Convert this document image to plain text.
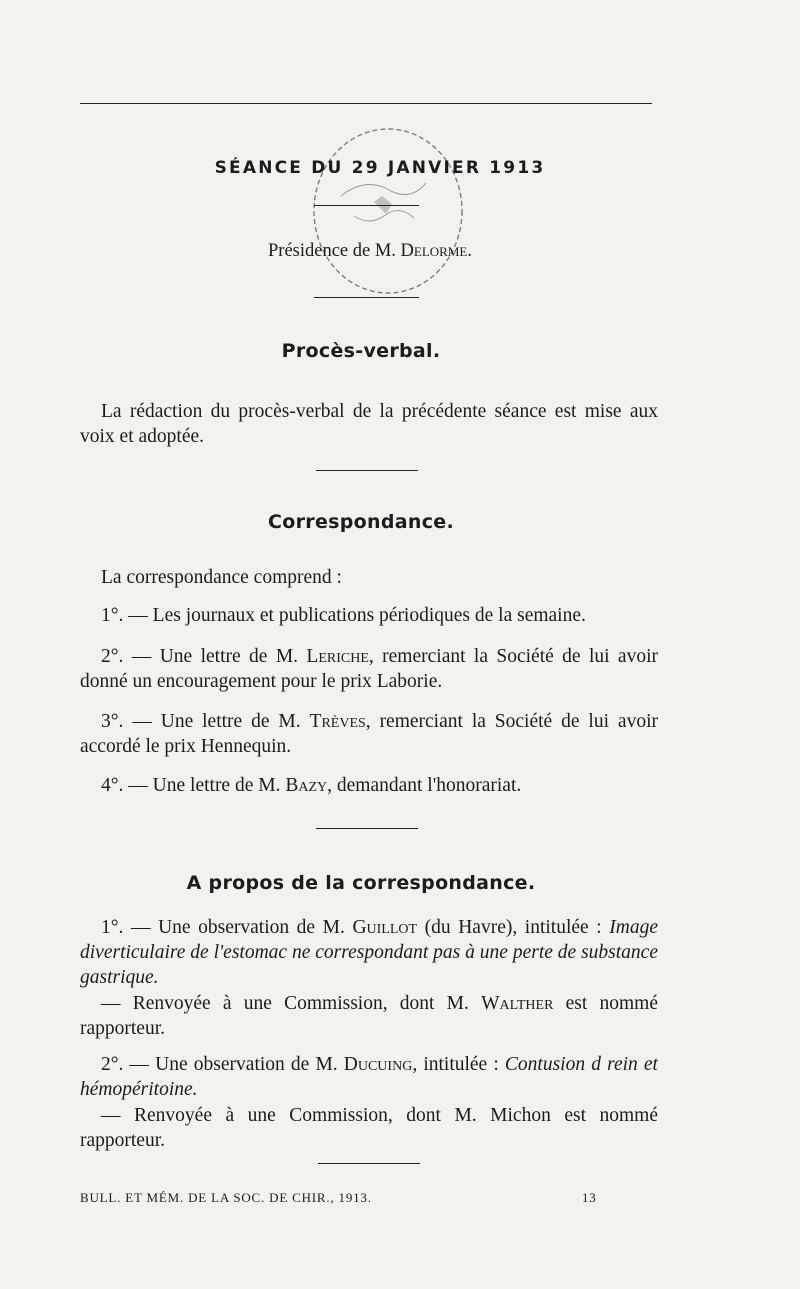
SÉANCE DU 29 JANVIER 1913
Présidence de M. Delorme.
Procès-verbal.
La rédaction du procès-verbal de la précédente séance est mise aux voix et adoptée.
Correspondance.
La correspondance comprend :
1°. — Les journaux et publications périodiques de la semaine.
2°. — Une lettre de M. Leriche, remerciant la Société de lui avoir donné un encouragement pour le prix Laborie.
3°. — Une lettre de M. Trèves, remerciant la Société de lui avoir accordé le prix Hennequin.
4°. — Une lettre de M. Bazy, demandant l'honorariat.
A propos de la correspondance.
1°. — Une observation de M. Guillot (du Havre), intitulée : Image diverticulaire de l'estomac ne correspondant pas à une perte de substance gastrique.
— Renvoyée à une Commission, dont M. Walther est nommé rapporteur.
2°. — Une observation de M. Ducuing, intitulée : Contusion d rein et hémopéritoine.
— Renvoyée à une Commission, dont M. Michon est nommé rapporteur.
BULL. ET MÉM. DE LA SOC. DE CHIR., 1913.	13
